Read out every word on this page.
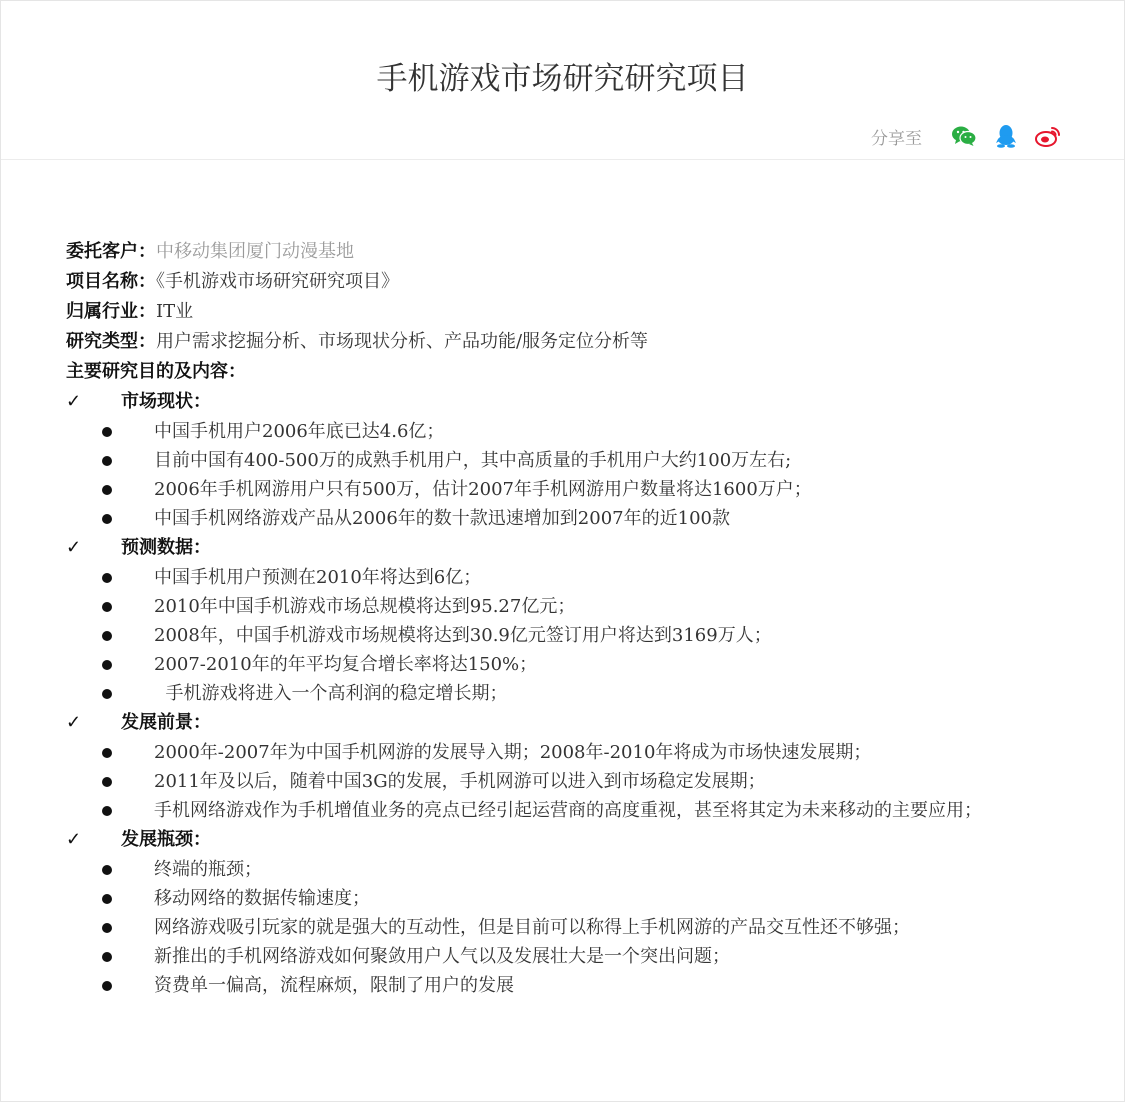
手机游戏市场研究研究项目
分享至
委托客户：中移动集团厦门动漫基地
项目名称：《手机游戏市场研究研究项目》
归属行业：IT业
研究类型：用户需求挖掘分析、市场现状分析、产品功能/服务定位分析等
主要研究目的及内容：
✓	市场现状：
中国手机用户2006年底已达4.6亿；
目前中国有400-500万的成熟手机用户，其中高质量的手机用户大约100万左右;
2006年手机网游用户只有500万，估计2007年手机网游用户数量将达1600万户；
中国手机网络游戏产品从2006年的数十款迅速增加到2007年的近100款
✓	预测数据：
中国手机用户预测在2010年将达到6亿；
2010年中国手机游戏市场总规模将达到95.27亿元；
2008年，中国手机游戏市场规模将达到30.9亿元签订用户将达到3169万人；
2007-2010年的年平均复合增长率将达150%；
手机游戏将进入一个高利润的稳定增长期；
✓	发展前景：
2000年-2007年为中国手机网游的发展导入期；2008年-2010年将成为市场快速发展期；
2011年及以后，随着中国3G的发展，手机网游可以进入到市场稳定发展期；
手机网络游戏作为手机增值业务的亮点已经引起运营商的高度重视，甚至将其定为未来移动的主要应用；
✓	发展瓶颈：
终端的瓶颈；
移动网络的数据传输速度；
网络游戏吸引玩家的就是强大的互动性，但是目前可以称得上手机网游的产品交互性还不够强；
新推出的手机网络游戏如何聚敛用户人气以及发展壮大是一个突出问题；
资费单一偏高，流程麻烦，限制了用户的发展
